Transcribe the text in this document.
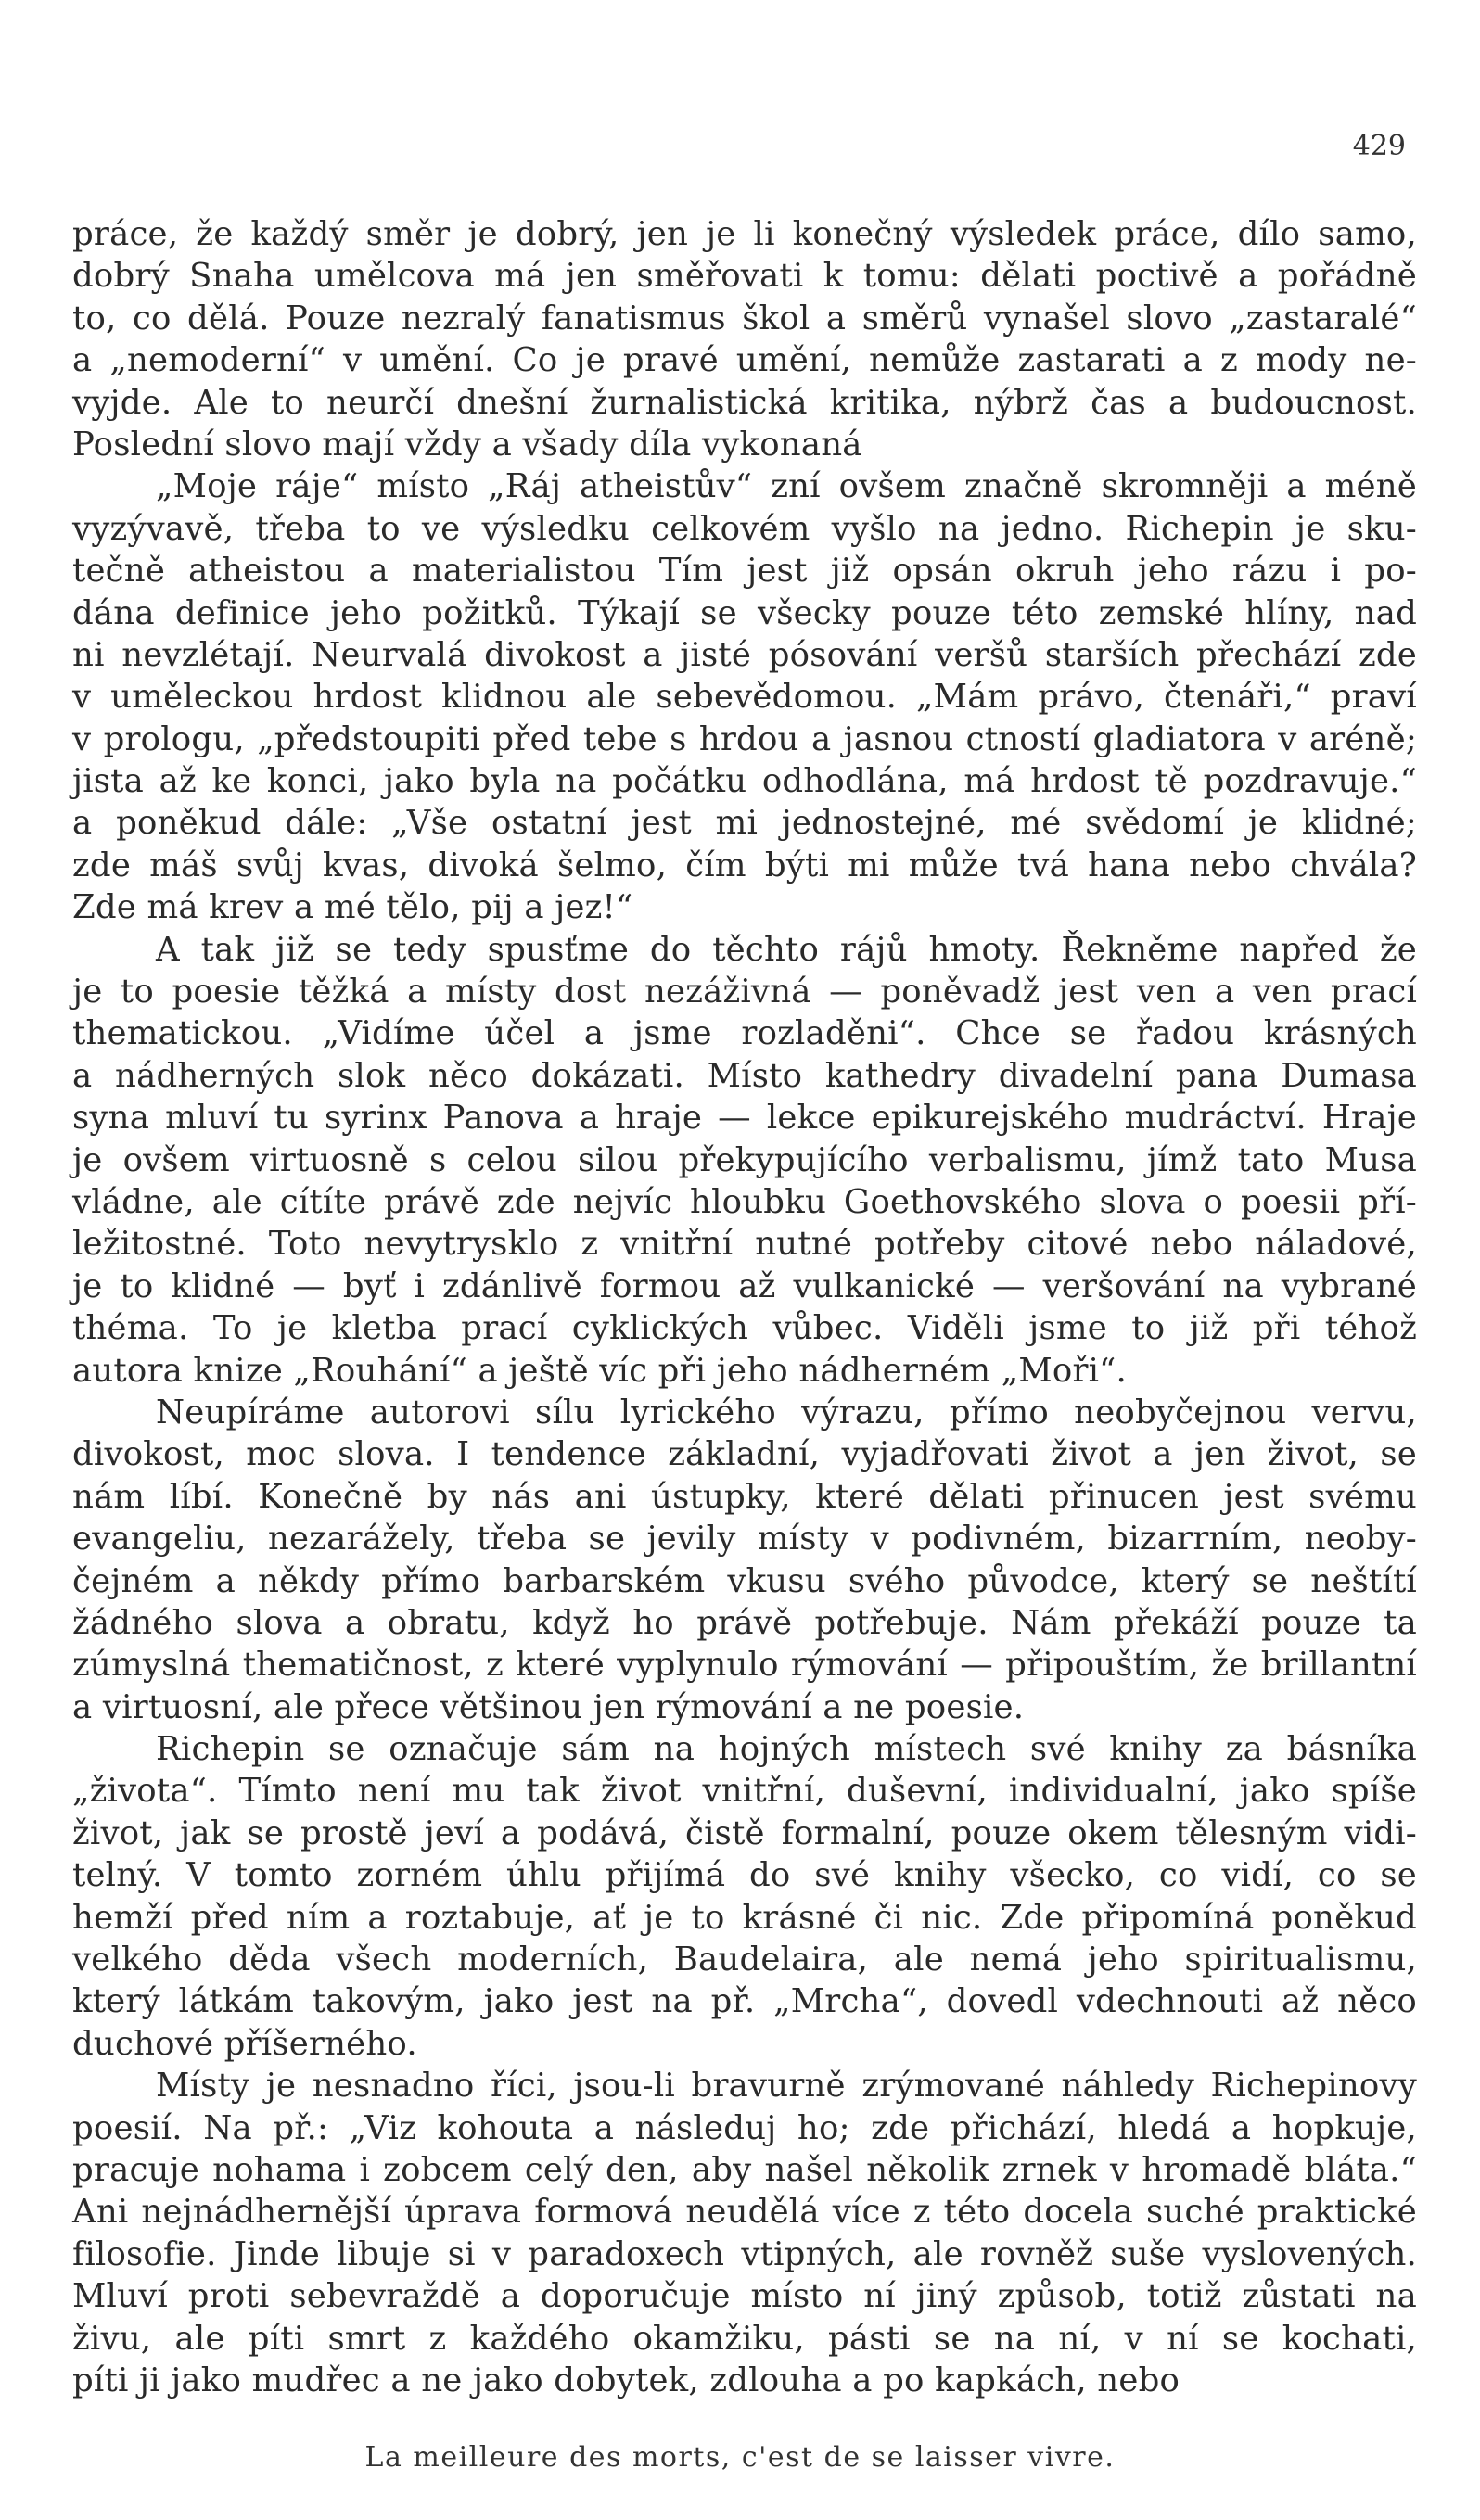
429
práce, že každý směr je dobrý, jen je li konečný výsledek práce, dílo samo,
dobrý Snaha umělcova má jen směřovati k tomu: dělati poctivě a pořádně
to, co dělá. Pouze nezralý fanatismus škol a směrů vynašel slovo „zastaralé“
a „nemoderní“ v umění. Co je pravé umění, nemůže zastarati a z mody ne-
vyjde. Ale to neurčí dnešní žurnalistická kritika, nýbrž čas a budoucnost.
Poslední slovo mají vždy a všady díla vykonaná
„Moje ráje“ místo „Ráj atheistův“ zní ovšem značně skromněji a méně
vyzývavě, třeba to ve výsledku celkovém vyšlo na jedno. Richepin je sku-
tečně atheistou a materialistou Tím jest již opsán okruh jeho rázu i po-
dána definice jeho požitků. Týkají se všecky pouze této zemské hlíny, nad
ni nevzlétají. Neurvalá divokost a jisté pósování veršů starších přechází zde
v uměleckou hrdost klidnou ale sebevědomou. „Mám právo, čtenáři,“ praví
v prologu, „předstoupiti před tebe s hrdou a jasnou ctností gladiatora v aréně;
jista až ke konci, jako byla na počátku odhodlána, má hrdost tě pozdravuje.“
a poněkud dále: „Vše ostatní jest mi jednostejné, mé svědomí je klidné;
zde máš svůj kvas, divoká šelmo, čím býti mi může tvá hana nebo chvála?
Zde má krev a mé tělo, pij a jez!“
A tak již se tedy spusťme do těchto rájů hmoty. Řekněme napřed že
je to poesie těžká a místy dost nezáživná — poněvadž jest ven a ven prací
thematickou. „Vidíme účel a jsme rozladěni“. Chce se řadou krásných
a nádherných slok něco dokázati. Místo kathedry divadelní pana Dumasa
syna mluví tu syrinx Panova a hraje — lekce epikurejského mudráctví. Hraje
je ovšem virtuosně s celou silou překypujícího verbalismu, jímž tato Musa
vládne, ale cítíte právě zde nejvíc hloubku Goethovského slova o poesii pří-
ležitostné. Toto nevytrysklo z vnitřní nutné potřeby citové nebo náladové,
je to klidné — byť i zdánlivě formou až vulkanické — veršování na vybrané
théma. To je kletba prací cyklických vůbec. Viděli jsme to již při téhož
autora knize „Rouhání“ a ještě víc při jeho nádherném „Moři“.
Neupíráme autorovi sílu lyrického výrazu, přímo neobyčejnou vervu,
divokost, moc slova. I tendence základní, vyjadřovati život a jen život, se
nám líbí. Konečně by nás ani ústupky, které dělati přinucen jest svému
evangeliu, nezarážely, třeba se jevily místy v podivném, bizarrním, neoby-
čejném a někdy přímo barbarském vkusu svého původce, který se neštítí
žádného slova a obratu, když ho právě potřebuje. Nám překáží pouze ta
zúmyslná thematičnost, z které vyplynulo rýmování — připouštím, že brillantní
a virtuosní, ale přece většinou jen rýmování a ne poesie.
Richepin se označuje sám na hojných místech své knihy za básníka
„života“. Tímto není mu tak život vnitřní, duševní, individualní, jako spíše
život, jak se prostě jeví a podává, čistě formalní, pouze okem tělesným vidi-
telný. V tomto zorném úhlu přijímá do své knihy všecko, co vidí, co se
hemží před ním a roztabuje, ať je to krásné či nic. Zde připomíná poněkud
velkého děda všech moderních, Baudelaira, ale nemá jeho spiritualismu,
který látkám takovým, jako jest na př. „Mrcha“, dovedl vdechnouti až něco
duchové příšerného.
Místy je nesnadno říci, jsou-li bravurně zrýmované náhledy Richepinovy
poesií. Na př.: „Viz kohouta a následuj ho; zde přichází, hledá a hopkuje,
pracuje nohama i zobcem celý den, aby našel několik zrnek v hromadě bláta.“
Ani nejnádhernější úprava formová neudělá více z této docela suché praktické
filosofie. Jinde libuje si v paradoxech vtipných, ale rovněž suše vyslovených.
Mluví proti sebevraždě a doporučuje místo ní jiný způsob, totiž zůstati na
živu, ale píti smrt z každého okamžiku, pásti se na ní, v ní se kochati,
píti ji jako mudřec a ne jako dobytek, zdlouha a po kapkách, nebo
La meilleure des morts, c'est de se laisser vivre.
